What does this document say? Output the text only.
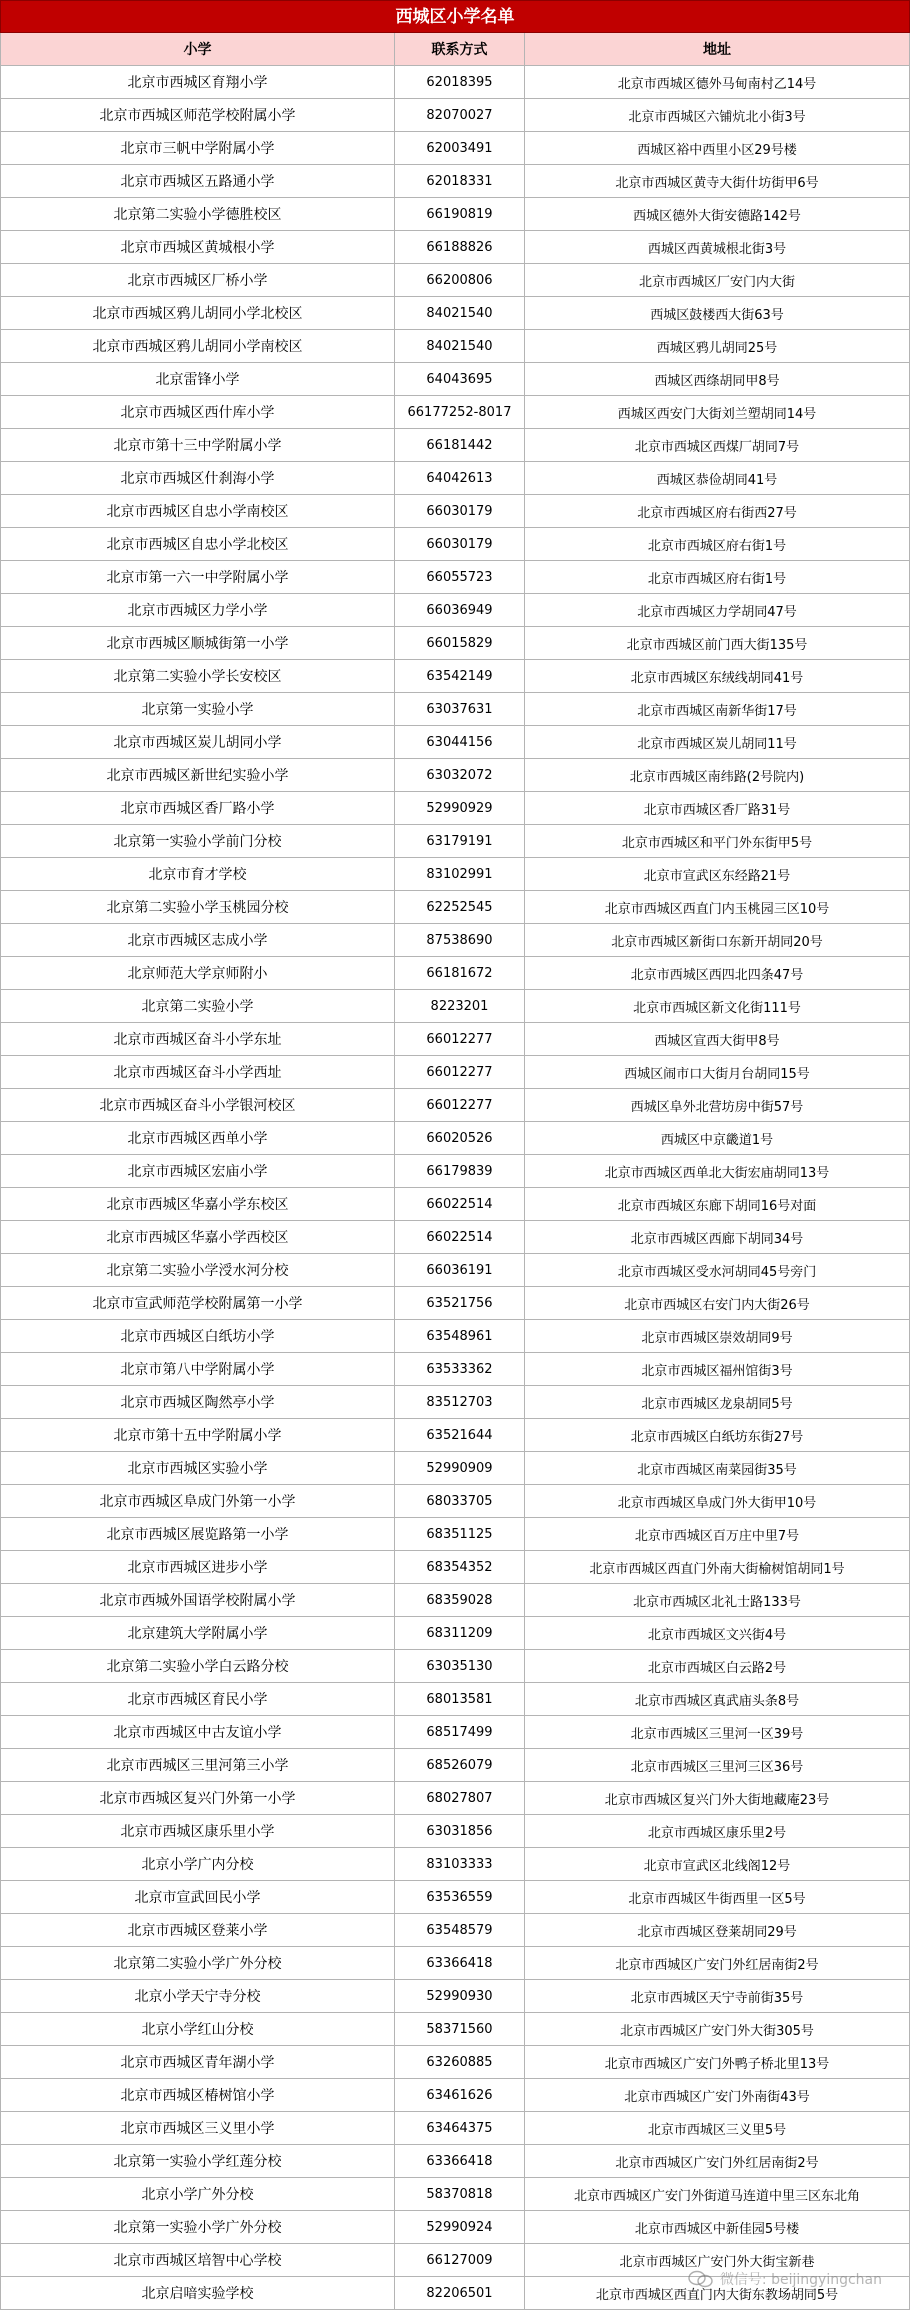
西城区小学名单
小学	联系方式	地址
北京市西城区育翔小学	62018395	北京市西城区德外马甸南村乙14号
北京市西城区师范学校附属小学	82070027	北京市西城区六铺炕北小街3号
北京市三帆中学附属小学	62003491	西城区裕中西里小区29号楼
北京市西城区五路通小学	62018331	北京市西城区黄寺大街什坊街甲6号
北京第二实验小学德胜校区	66190819	西城区德外大街安德路142号
北京市西城区黄城根小学	66188826	西城区西黄城根北街3号
北京市西城区厂桥小学	66200806	北京市西城区厂安门内大街
北京市西城区鸦儿胡同小学北校区	84021540	西城区鼓楼西大街63号
北京市西城区鸦儿胡同小学南校区	84021540	西城区鸦儿胡同25号
北京雷锋小学	64043695	西城区西绦胡同甲8号
北京市西城区西什库小学	66177252-8017	西城区西安门大街刘兰塑胡同14号
北京市第十三中学附属小学	66181442	北京市西城区西煤厂胡同7号
北京市西城区什刹海小学	64042613	西城区恭俭胡同41号
北京市西城区自忠小学南校区	66030179	北京市西城区府右街西27号
北京市西城区自忠小学北校区	66030179	北京市西城区府右街1号
北京市第一六一中学附属小学	66055723	北京市西城区府右街1号
北京市西城区力学小学	66036949	北京市西城区力学胡同47号
北京市西城区顺城街第一小学	66015829	北京市西城区前门西大街135号
北京第二实验小学长安校区	63542149	北京市西城区东绒线胡同41号
北京第一实验小学	63037631	北京市西城区南新华街17号
北京市西城区炭儿胡同小学	63044156	北京市西城区炭儿胡同11号
北京市西城区新世纪实验小学	63032072	北京市西城区南纬路(2号院内)
北京市西城区香厂路小学	52990929	北京市西城区香厂路31号
北京第一实验小学前门分校	63179191	北京市西城区和平门外东街甲5号
北京市育才学校	83102991	北京市宣武区东经路21号
北京第二实验小学玉桃园分校	62252545	北京市西城区西直门内玉桃园三区10号
北京市西城区志成小学	87538690	北京市西城区新街口东新开胡同20号
北京师范大学京师附小	66181672	北京市西城区西四北四条47号
北京第二实验小学	8223201	北京市西城区新文化街111号
北京市西城区奋斗小学东址	66012277	西城区宣西大街甲8号
北京市西城区奋斗小学西址	66012277	西城区闹市口大街月台胡同15号
北京市西城区奋斗小学银河校区	66012277	西城区阜外北营坊房中街57号
北京市西城区西单小学	66020526	西城区中京畿道1号
北京市西城区宏庙小学	66179839	北京市西城区西单北大街宏庙胡同13号
北京市西城区华嘉小学东校区	66022514	北京市西城区东廊下胡同16号对面
北京市西城区华嘉小学西校区	66022514	北京市西城区西廊下胡同34号
北京第二实验小学涭水河分校	66036191	北京市西城区受水河胡同45号旁门
北京市宣武师范学校附属第一小学	63521756	北京市西城区右安门内大街26号
北京市西城区白纸坊小学	63548961	北京市西城区崇效胡同9号
北京市第八中学附属小学	63533362	北京市西城区福州馆街3号
北京市西城区陶然亭小学	83512703	北京市西城区龙泉胡同5号
北京市第十五中学附属小学	63521644	北京市西城区白纸坊东街27号
北京市西城区实验小学	52990909	北京市西城区南菜园街35号
北京市西城区阜成门外第一小学	68033705	北京市西城区阜成门外大街甲10号
北京市西城区展览路第一小学	68351125	北京市西城区百万庄中里7号
北京市西城区进步小学	68354352	北京市西城区西直门外南大街榆树馆胡同1号
北京市西城外国语学校附属小学	68359028	北京市西城区北礼士路133号
北京建筑大学附属小学	68311209	北京市西城区文兴街4号
北京第二实验小学白云路分校	63035130	北京市西城区白云路2号
北京市西城区育民小学	68013581	北京市西城区真武庙头条8号
北京市西城区中古友谊小学	68517499	北京市西城区三里河一区39号
北京市西城区三里河第三小学	68526079	北京市西城区三里河三区36号
北京市西城区复兴门外第一小学	68027807	北京市西城区复兴门外大街地藏庵23号
北京市西城区康乐里小学	63031856	北京市西城区康乐里2号
北京小学广内分校	83103333	北京市宣武区北线阁12号
北京市宣武回民小学	63536559	北京市西城区牛街西里一区5号
北京市西城区登莱小学	63548579	北京市西城区登莱胡同29号
北京第二实验小学广外分校	63366418	北京市西城区广安门外红居南街2号
北京小学天宁寺分校	52990930	北京市西城区天宁寺前街35号
北京小学红山分校	58371560	北京市西城区广安门外大街305号
北京市西城区青年湖小学	63260885	北京市西城区广安门外鸭子桥北里13号
北京市西城区椿树馆小学	63461626	北京市西城区广安门外南街43号
北京市西城区三义里小学	63464375	北京市西城区三义里5号
北京第一实验小学红莲分校	63366418	北京市西城区广安门外红居南街2号
北京小学广外分校	58370818	北京市西城区广安门外街道马连道中里三区东北角
北京第一实验小学广外分校	52990924	北京市西城区中新佳园5号楼
北京市西城区培智中心学校	66127009	北京市西城区广安门外大街宝新巷
北京启喑实验学校	82206501	北京市西城区西直门内大街东教场胡同5号
微信号: beijingyingchan
